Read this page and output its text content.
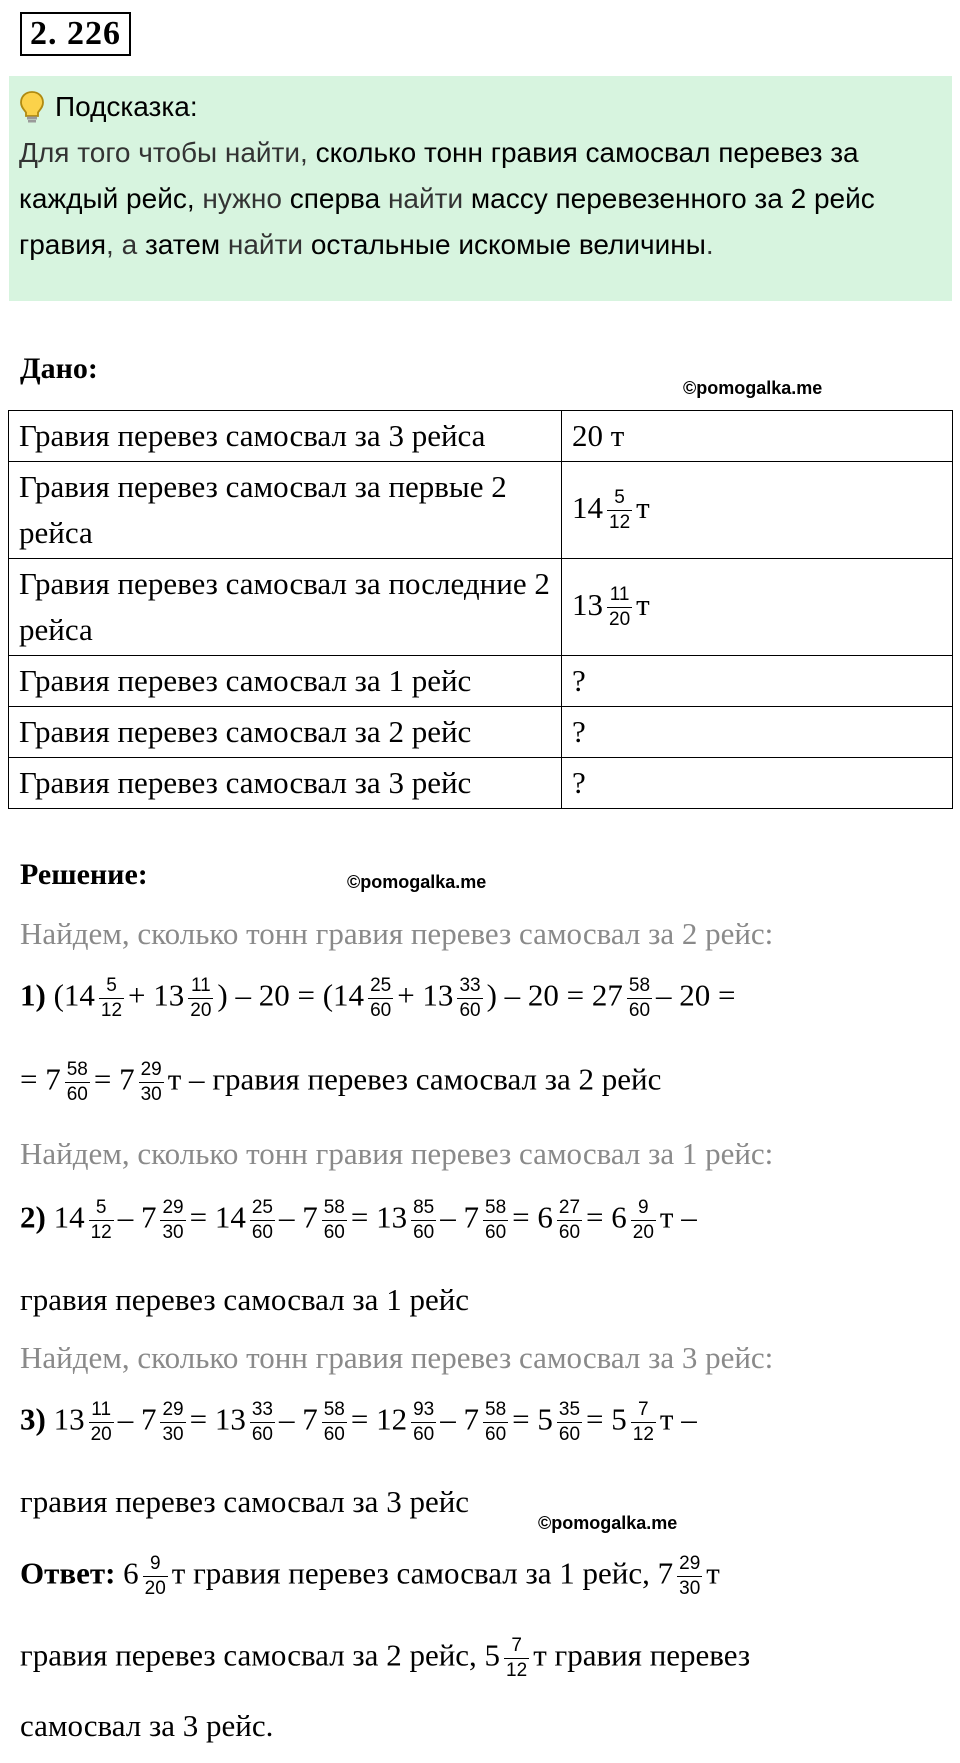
2. 226
Подсказка:
Для того чтобы найти, сколько тонн гравия самосвал перевез за каждый рейс, нужно сперва найти массу перевезенного за 2 рейс гравия, а затем найти остальные искомые величины.
Дано:
©pomogalka.me
Гравия перевез самосвал за 3 рейса	20 т
Гравия перевез самосвал за первые 2 рейса	$14 \frac{5}{12}$ т
Гравия перевез самосвал за последние 2 рейса	$13 \frac{11}{20}$ т
Гравия перевез самосвал за 1 рейс	?
Гравия перевез самосвал за 2 рейс	?
Гравия перевез самосвал за 3 рейс	?
Решение:	©pomogalka.me
Найдем, сколько тонн гравия перевез самосвал за 2 рейс:
1) ($14 \frac{5}{12} + 13 \frac{11}{20}$ ) – $20 = (14 \frac{25}{60} + 13 \frac{33}{60}$ ) – $20 = 27 \frac{58}{60} - 20$ =
= $7 \frac{58}{60} = 7 \frac{29}{30}$ т – гравия перевез самосвал за 2 рейс
Найдем, сколько тонн гравия перевез самосвал за 1 рейс:
2) $14 \frac{5}{12} - 7 \frac{29}{30} = 14 \frac{25}{60} - 7 \frac{58}{60} = 13 \frac{85}{60} - 7 \frac{58}{60} = 6 \frac{27}{60} = 6 \frac{9}{20}$ т –
гравия перевез самосвал за 1 рейс
Найдем, сколько тонн гравия перевез самосвал за 3 рейс:
3) $13 \frac{11}{20} - 7 \frac{29}{30} = 13 \frac{33}{60} - 7 \frac{58}{60} = 12 \frac{93}{60} - 7 \frac{58}{60} = 5 \frac{35}{60} = 5 \frac{7}{12}$ т –
гравия перевез самосвал за 3 рейс
©pomogalka.me
Ответ: $6 \frac{9}{20}$ т гравия перевез самосвал за 1 рейс, $7 \frac{29}{30}$ т
гравия перевез самосвал за 2 рейс, $5 \frac{7}{12}$ т гравия перевез
самосвал за 3 рейс.
